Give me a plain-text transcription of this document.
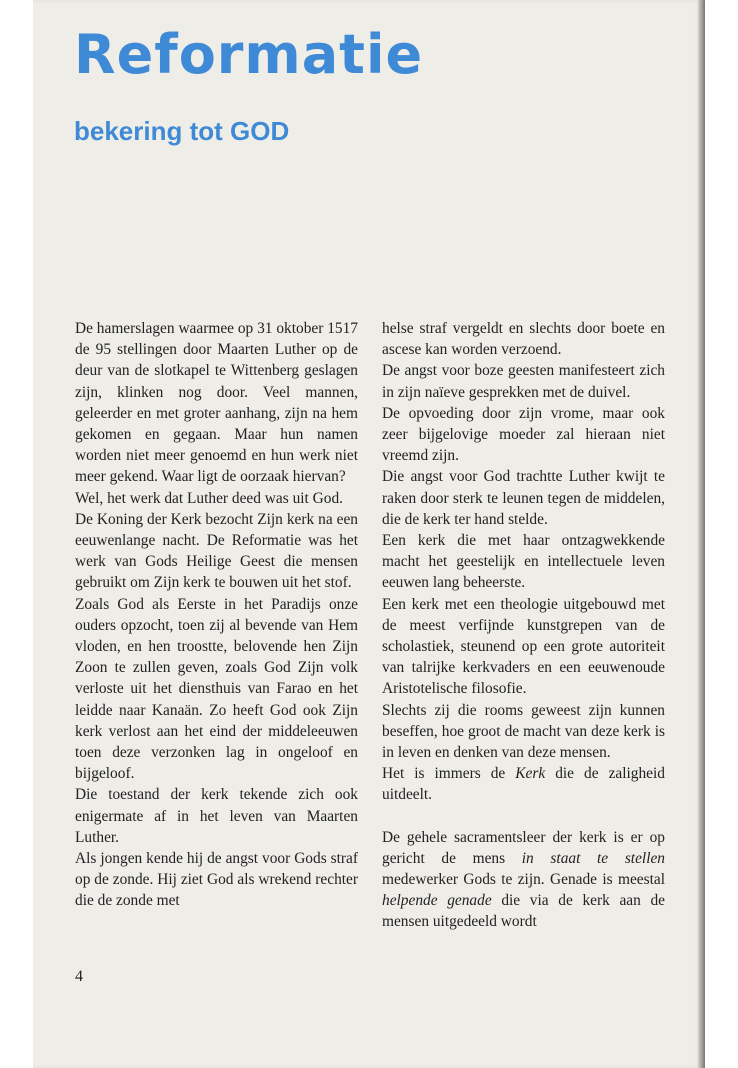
Reformatie
bekering tot GOD

De hamerslagen waarmee op 31 oktober 1517 de 95 stellingen door Maarten Luther op de deur van de slotkapel te Wittenberg geslagen zijn, klinken nog door. Veel mannen, geleerder en met groter aanhang, zijn na hem gekomen en gegaan. Maar hun namen worden niet meer genoemd en hun werk niet meer gekend. Waar ligt de oorzaak hiervan?

Wel, het werk dat Luther deed was uit God.

De Koning der Kerk bezocht Zijn kerk na een eeuwenlange nacht. De Reformatie was het werk van Gods Heilige Geest die mensen gebruikt om Zijn kerk te bouwen uit het stof.

Zoals God als Eerste in het Paradijs onze ouders opzocht, toen zij al bevende van Hem vloden, en hen troostte, belovende hen Zijn Zoon te zullen geven, zoals God Zijn volk verloste uit het diensthuis van Farao en het leidde naar Kanaän. Zo heeft God ook Zijn kerk verlost aan het eind der middeleeuwen toen deze verzonken lag in ongeloof en bijgeloof.

Die toestand der kerk tekende zich ook enigermate af in het leven van Maarten Luther.

Als jongen kende hij de angst voor Gods straf op de zonde. Hij ziet God als wrekend rechter die de zonde met

helse straf vergeldt en slechts door boete en ascese kan worden verzoend.

De angst voor boze geesten manifesteert zich in zijn naïeve gesprekken met de duivel.

De opvoeding door zijn vrome, maar ook zeer bijgelovige moeder zal hieraan niet vreemd zijn.

Die angst voor God trachtte Luther kwijt te raken door sterk te leunen tegen de middelen, die de kerk ter hand stelde.

Een kerk die met haar ontzagwekkende macht het geestelijk en intellectuele leven eeuwen lang beheerste.

Een kerk met een theologie uitgebouwd met de meest verfijnde kunstgrepen van de scholastiek, steunend op een grote autoriteit van talrijke kerkvaders en een eeuwenoude Aristotelische filosofie.

Slechts zij die rooms geweest zijn kunnen beseffen, hoe groot de macht van deze kerk is in leven en denken van deze mensen.

Het is immers de Kerk die de zaligheid uitdeelt.

De gehele sacramentsleer der kerk is er op gericht de mens in staat te stellen medewerker Gods te zijn. Genade is meestal helpende genade die via de kerk aan de mensen uitgedeeld wordt

4
